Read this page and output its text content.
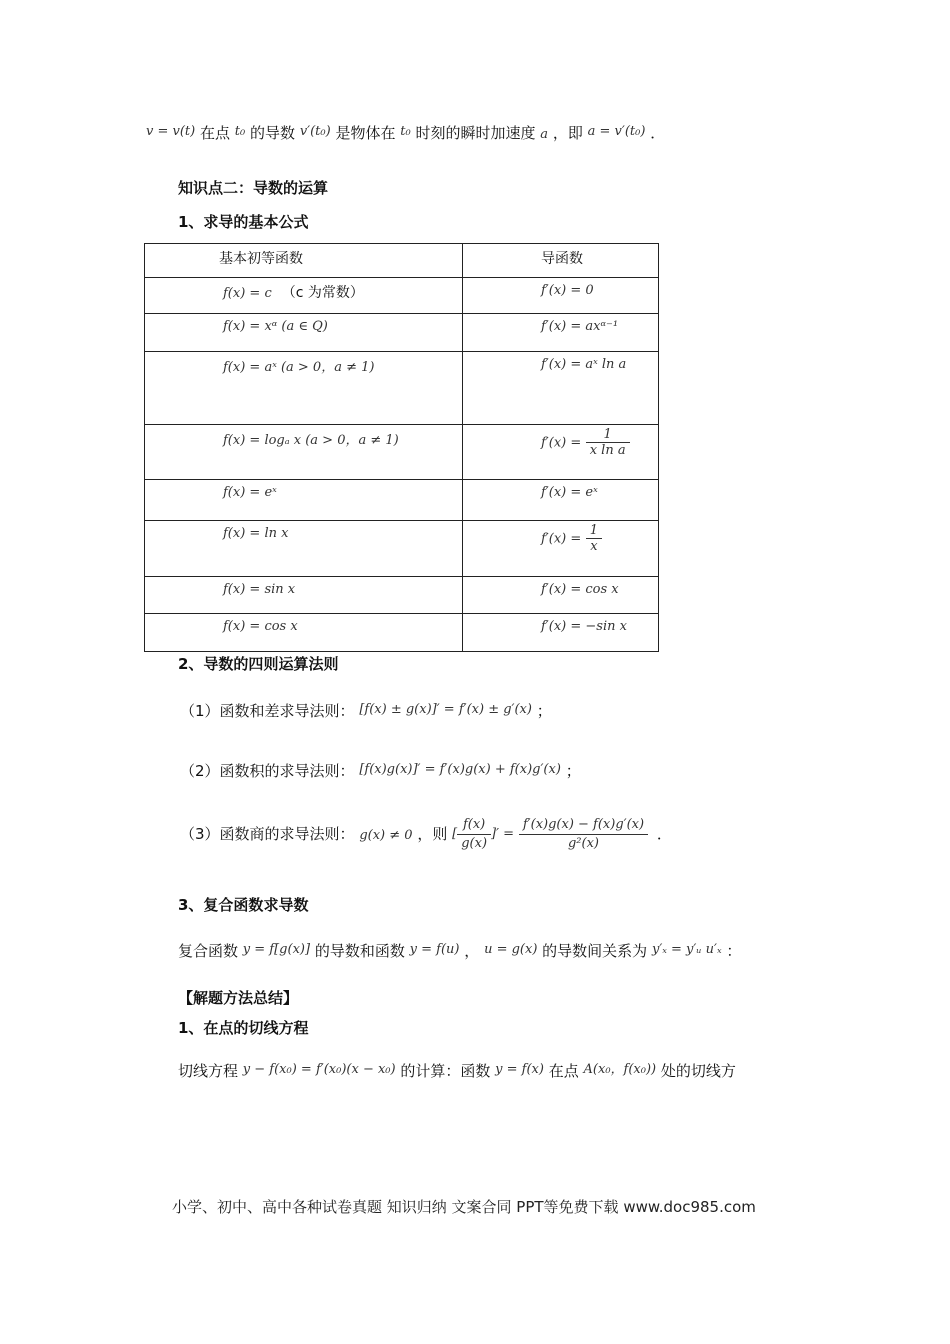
v = v(t) 在点 t₀ 的导数 v′(t₀) 是物体在 t₀ 时刻的瞬时加速度 a ，即 a = v′(t₀) ．
知识点二：导数的运算
1、求导的基本公式
基本初等函数	导函数
f(x) = c （c 为常数）	f′(x) = 0
f(x) = xᵅ (a ∈ Q)	f′(x) = axᵅ⁻¹
f(x) = aˣ (a > 0，a ≠ 1)	f′(x) = aˣ ln a
f(x) = logₐ x (a > 0，a ≠ 1)	$f'(x) = \frac{1}{\text{x ln a}}$

f(x) = eˣ	f′(x) = eˣ
f(x) = ln x	$f'(x) = \frac{1}{x}$

f(x) = sin x	f′(x) = cos x
f(x) = cos x	f′(x) = −sin x
2、导数的四则运算法则
（1）函数和差求导法则： [f(x) ± g(x)]′ = f′(x) ± g′(x) ；
（2）函数积的求导法则： [f(x)g(x)]′ = f′(x)g(x) + f(x)g′(x) ；
（3）函数商的求导法则： g(x) ≠ 0 ，则 [ $\frac{f(x)}{g(x)}$ ]′ = $\frac{f'(x)g(x) - f(x)g'(x)}{\text{g²(x)}}$ ．
3、复合函数求导数
复合函数 y = f[g(x)] 的导数和函数 y = f(u) ， u = g(x) 的导数间关系为 y′ₓ = y′ᵤ u′ₓ ：
【解题方法总结】
1、在点的切线方程
切线方程 y − f(x₀) = f′(x₀)(x − x₀) 的计算：函数 y = f(x) 在点 A(x₀，f(x₀)) 处的切线方
小学、初中、高中各种试卷真题 知识归纳 文案合同 PPT等免费下载 www.doc985.com
